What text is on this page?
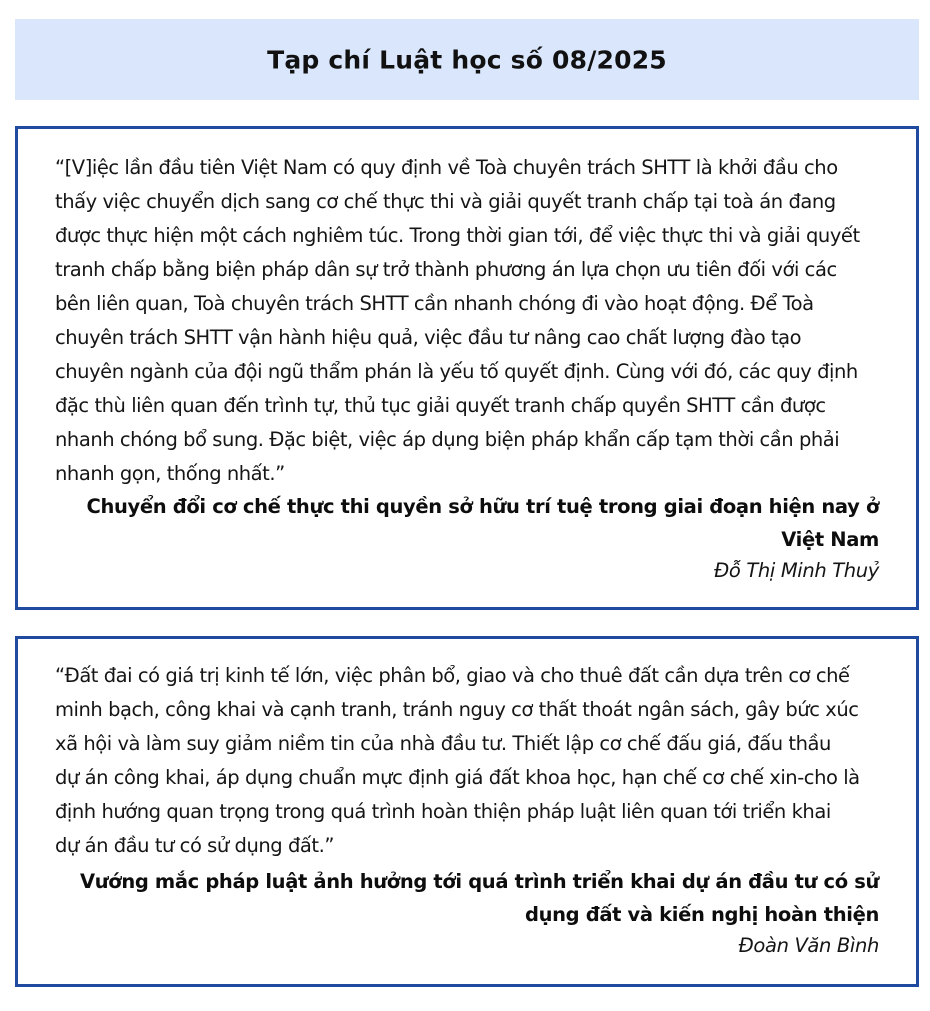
Tạp chí Luật học số 08/2025

“[V]iệc lần đầu tiên Việt Nam có quy định về Toà chuyên trách SHTT là khởi đầu cho thấy việc chuyển dịch sang cơ chế thực thi và giải quyết tranh chấp tại toà án đang được thực hiện một cách nghiêm túc. Trong thời gian tới, để việc thực thi và giải quyết tranh chấp bằng biện pháp dân sự trở thành phương án lựa chọn ưu tiên đối với các bên liên quan, Toà chuyên trách SHTT cần nhanh chóng đi vào hoạt động. Để Toà chuyên trách SHTT vận hành hiệu quả, việc đầu tư nâng cao chất lượng đào tạo chuyên ngành của đội ngũ thẩm phán là yếu tố quyết định. Cùng với đó, các quy định đặc thù liên quan đến trình tự, thủ tục giải quyết tranh chấp quyền SHTT cần được nhanh chóng bổ sung. Đặc biệt, việc áp dụng biện pháp khẩn cấp tạm thời cần phải nhanh gọn, thống nhất.”

Chuyển đổi cơ chế thực thi quyền sở hữu trí tuệ trong giai đoạn hiện nay ở Việt Nam

Đỗ Thị Minh Thuỷ

“Đất đai có giá trị kinh tế lớn, việc phân bổ, giao và cho thuê đất cần dựa trên cơ chế minh bạch, công khai và cạnh tranh, tránh nguy cơ thất thoát ngân sách, gây bức xúc xã hội và làm suy giảm niềm tin của nhà đầu tư. Thiết lập cơ chế đấu giá, đấu thầu dự án công khai, áp dụng chuẩn mực định giá đất khoa học, hạn chế cơ chế xin-cho là định hướng quan trọng trong quá trình hoàn thiện pháp luật liên quan tới triển khai dự án đầu tư có sử dụng đất.”

Vướng mắc pháp luật ảnh hưởng tới quá trình triển khai dự án đầu tư có sử dụng đất và kiến nghị hoàn thiện

Đoàn Văn Bình
